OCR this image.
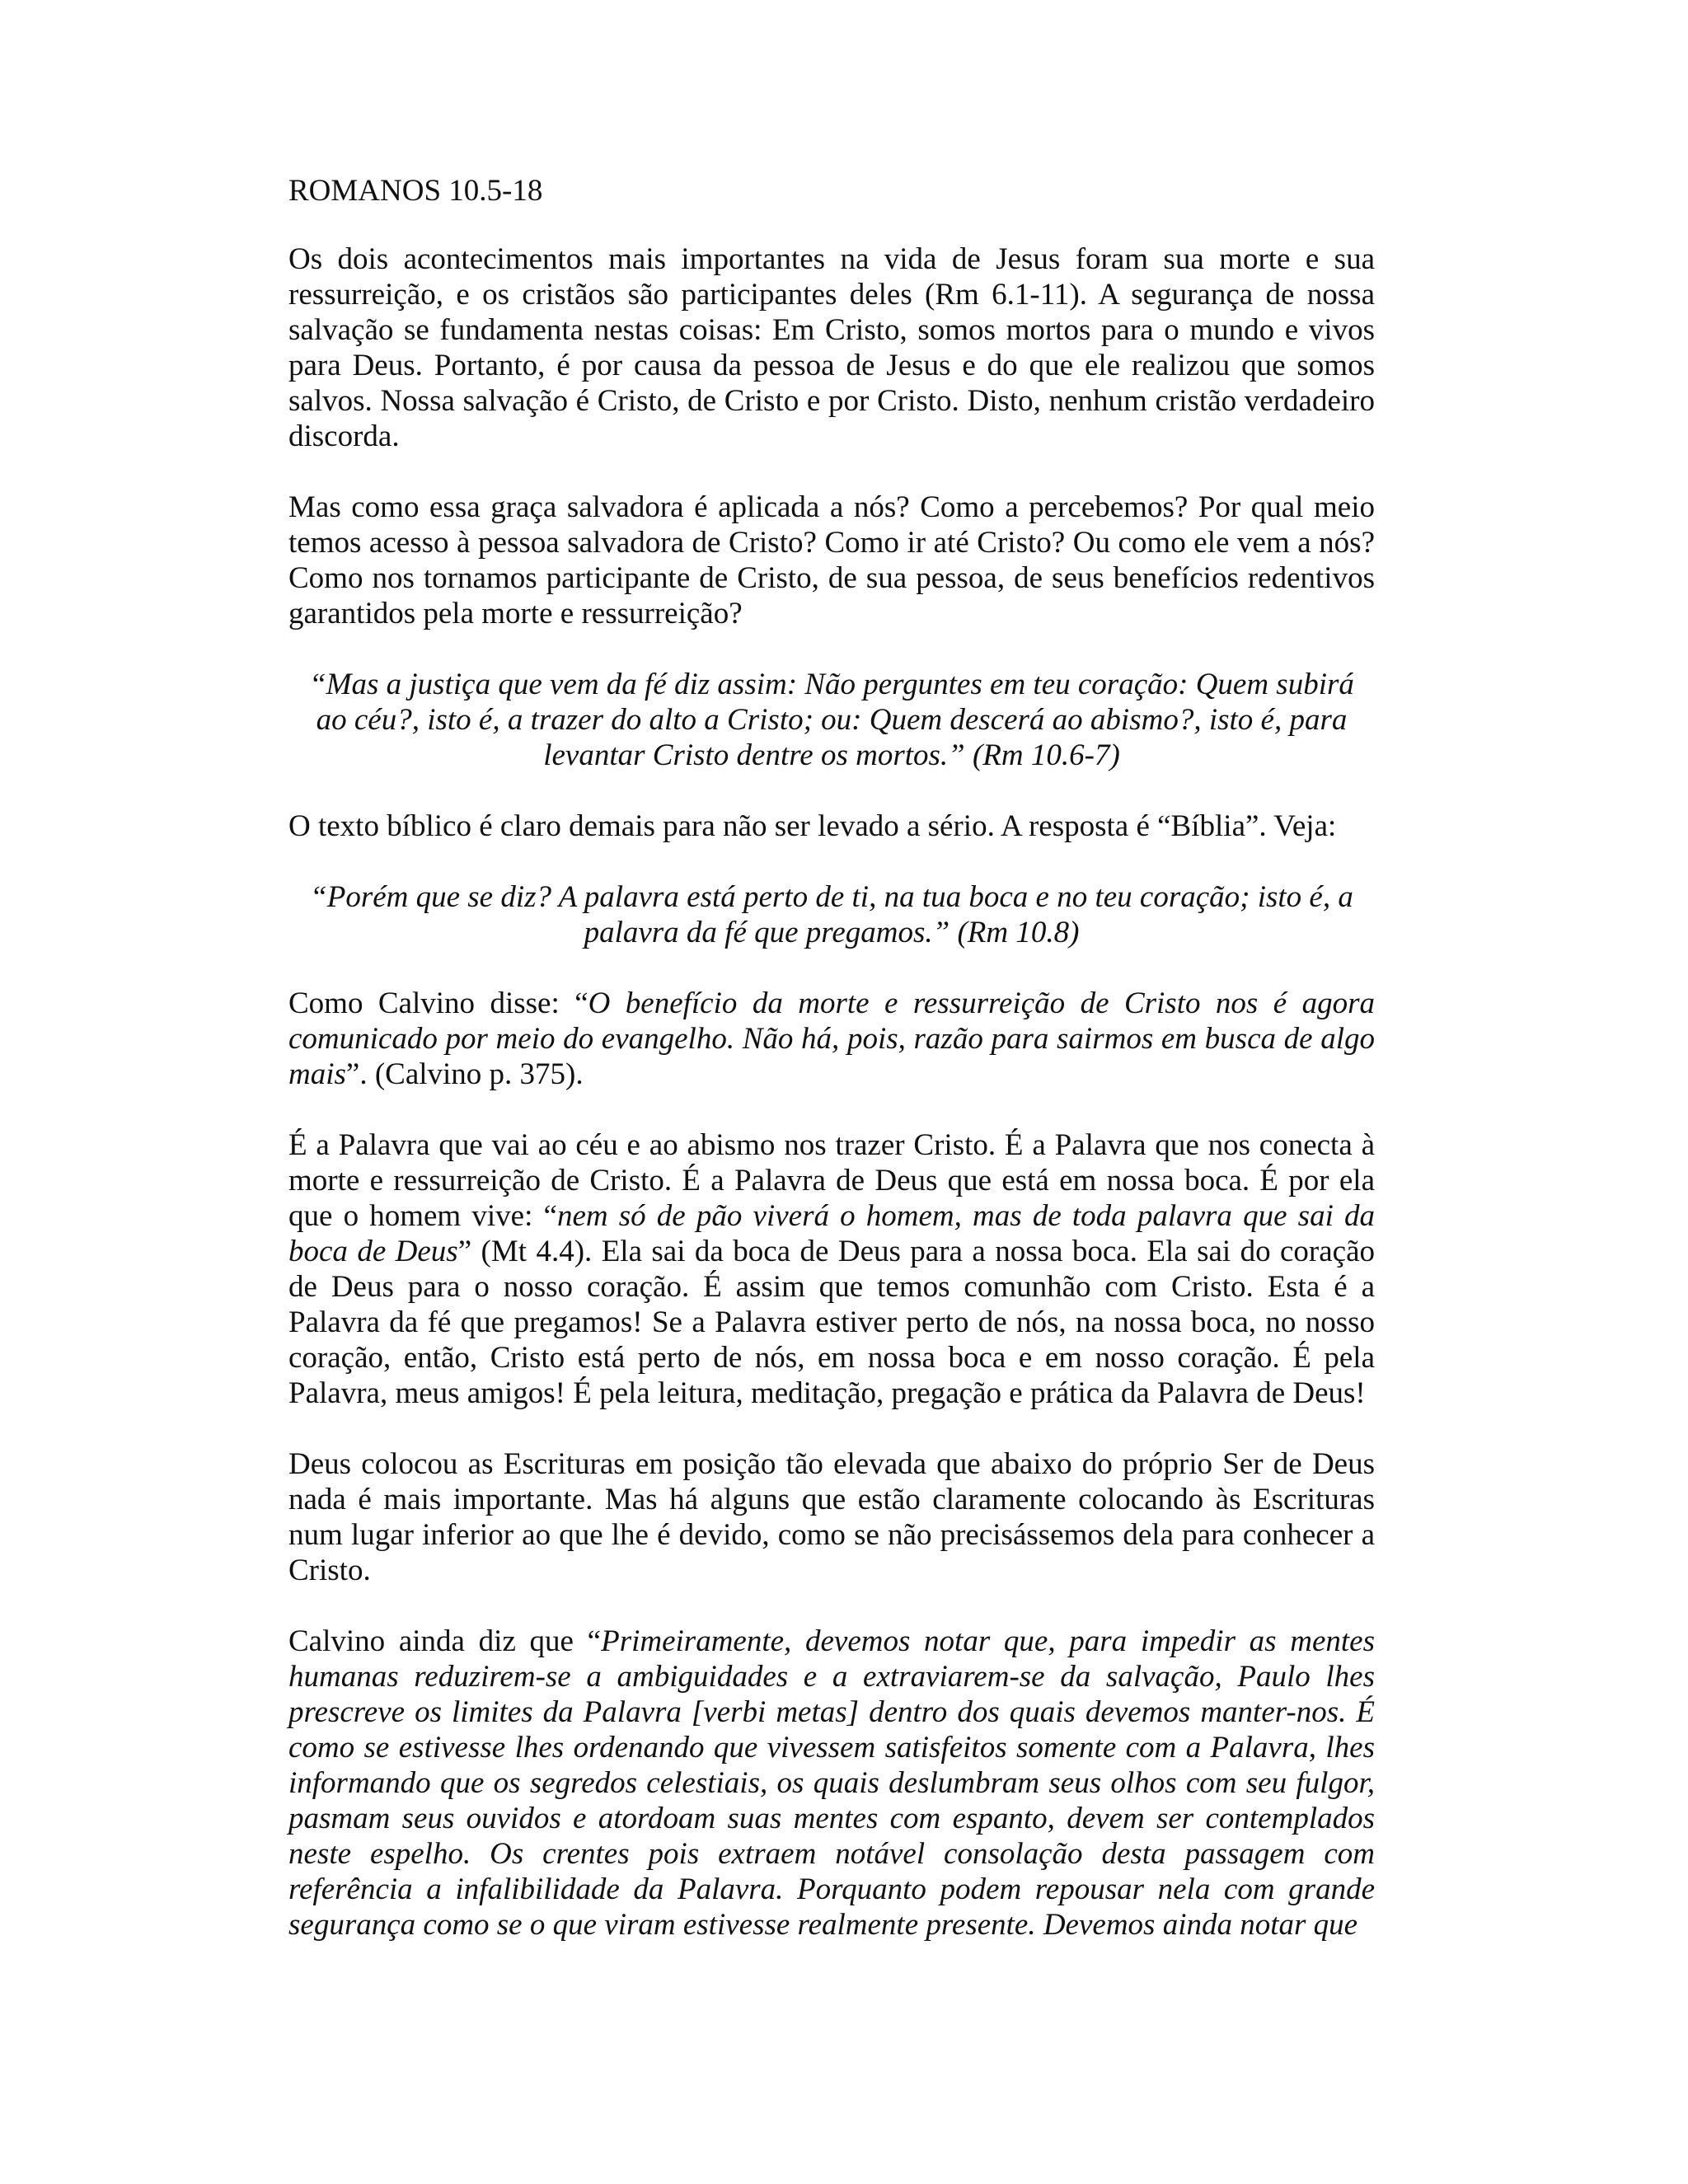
ROMANOS 10.5-18

Os dois acontecimentos mais importantes na vida de Jesus foram sua morte e sua ressurreição, e os cristãos são participantes deles (Rm 6.1-11). A segurança de nossa salvação se fundamenta nestas coisas: Em Cristo, somos mortos para o mundo e vivos para Deus. Portanto, é por causa da pessoa de Jesus e do que ele realizou que somos salvos. Nossa salvação é Cristo, de Cristo e por Cristo. Disto, nenhum cristão verdadeiro discorda.

Mas como essa graça salvadora é aplicada a nós? Como a percebemos? Por qual meio temos acesso à pessoa salvadora de Cristo? Como ir até Cristo? Ou como ele vem a nós? Como nos tornamos participante de Cristo, de sua pessoa, de seus benefícios redentivos garantidos pela morte e ressurreição?

“Mas a justiça que vem da fé diz assim: Não perguntes em teu coração: Quem subirá ao céu?, isto é, a trazer do alto a Cristo; ou: Quem descerá ao abismo?, isto é, para levantar Cristo dentre os mortos.” (Rm 10.6-7)

O texto bíblico é claro demais para não ser levado a sério. A resposta é “Bíblia”. Veja:

“Porém que se diz? A palavra está perto de ti, na tua boca e no teu coração; isto é, a palavra da fé que pregamos.” (Rm 10.8)

Como Calvino disse: “O benefício da morte e ressurreição de Cristo nos é agora comunicado por meio do evangelho. Não há, pois, razão para sairmos em busca de algo mais”. (Calvino p. 375).

É a Palavra que vai ao céu e ao abismo nos trazer Cristo. É a Palavra que nos conecta à morte e ressurreição de Cristo. É a Palavra de Deus que está em nossa boca. É por ela que o homem vive: “nem só de pão viverá o homem, mas de toda palavra que sai da boca de Deus” (Mt 4.4). Ela sai da boca de Deus para a nossa boca. Ela sai do coração de Deus para o nosso coração. É assim que temos comunhão com Cristo. Esta é a Palavra da fé que pregamos! Se a Palavra estiver perto de nós, na nossa boca, no nosso coração, então, Cristo está perto de nós, em nossa boca e em nosso coração. É pela Palavra, meus amigos! É pela leitura, meditação, pregação e prática da Palavra de Deus!

Deus colocou as Escrituras em posição tão elevada que abaixo do próprio Ser de Deus nada é mais importante. Mas há alguns que estão claramente colocando às Escrituras num lugar inferior ao que lhe é devido, como se não precisássemos dela para conhecer a Cristo.

Calvino ainda diz que “Primeiramente, devemos notar que, para impedir as mentes humanas reduzirem-se a ambiguidades e a extraviarem-se da salvação, Paulo lhes prescreve os limites da Palavra [verbi metas] dentro dos quais devemos manter-nos. É como se estivesse lhes ordenando que vivessem satisfeitos somente com a Palavra, lhes informando que os segredos celestiais, os quais deslumbram seus olhos com seu fulgor, pasmam seus ouvidos e atordoam suas mentes com espanto, devem ser contemplados neste espelho. Os crentes pois extraem notável consolação desta passagem com referência a infalibilidade da Palavra. Porquanto podem repousar nela com grande segurança como se o que viram estivesse realmente presente. Devemos ainda notar que
